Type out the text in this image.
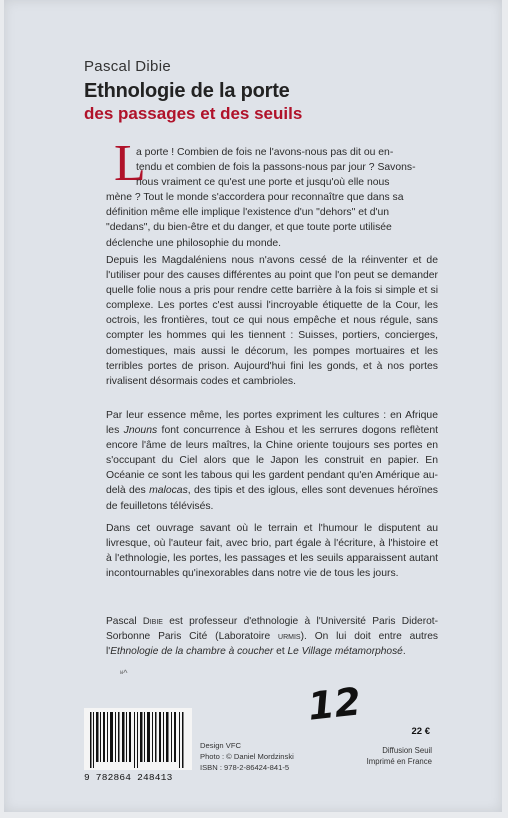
Pascal Dibie
Ethnologie de la porte
des passages et des seuils
L
a porte ! Combien de fois ne l'avons-nous pas dit ou en-
tendu et combien de fois la passons-nous par jour ? Savons-
nous vraiment ce qu'est une porte et jusqu'où elle nous
mène ? Tout le monde s'accordera pour reconnaître que dans sa
définition même elle implique l'existence d'un "dehors" et d'un
"dedans", du bien-être et du danger, et que toute porte utilisée
déclenche une philosophie du monde.
Depuis les Magdaléniens nous n'avons cessé de la réinventer et de l'utiliser pour des causes différentes au point que l'on peut se demander quelle folie nous a pris pour rendre cette barrière à la fois si simple et si complexe. Les portes c'est aussi l'incroyable étiquette de la Cour, les octrois, les frontières, tout ce qui nous empêche et nous régule, sans compter les hommes qui les tiennent : Suisses, portiers, concierges, domestiques, mais aussi le décorum, les pompes mortuaires et les terribles portes de prison. Aujourd'hui fini les gonds, et à nos portes rivalisent désormais codes et cambrioles.
Par leur essence même, les portes expriment les cultures : en Afrique les Jnouns font concurrence à Eshou et les serrures dogons reflètent encore l'âme de leurs maîtres, la Chine oriente toujours ses portes en s'occupant du Ciel alors que le Japon les construit en papier. En Océanie ce sont les tabous qui les gardent pendant qu'en Amérique au-delà des malocas, des tipis et des iglous, elles sont devenues héroïnes de feuilletons télévisés.
Dans cet ouvrage savant où le terrain et l'humour le disputent au livresque, où l'auteur fait, avec brio, part égale à l'écriture, à l'histoire et à l'ethnologie, les portes, les passages et les seuils apparaissent autant incontournables qu'inexorables dans notre vie de tous les jours.
Pascal Dibie est professeur d'ethnologie à l'Université Paris Diderot-Sorbonne Paris Cité (Laboratoire urmis). On lui doit entre autres l'Ethnologie de la chambre à coucher et Le Village métamorphosé.
ʶ^
12
9 782864 248413
Design VFC
Photo : © Daniel Mordzinski
ISBN : 978-2-86424-841-5
22 €
Diffusion Seuil
Imprimé en France
